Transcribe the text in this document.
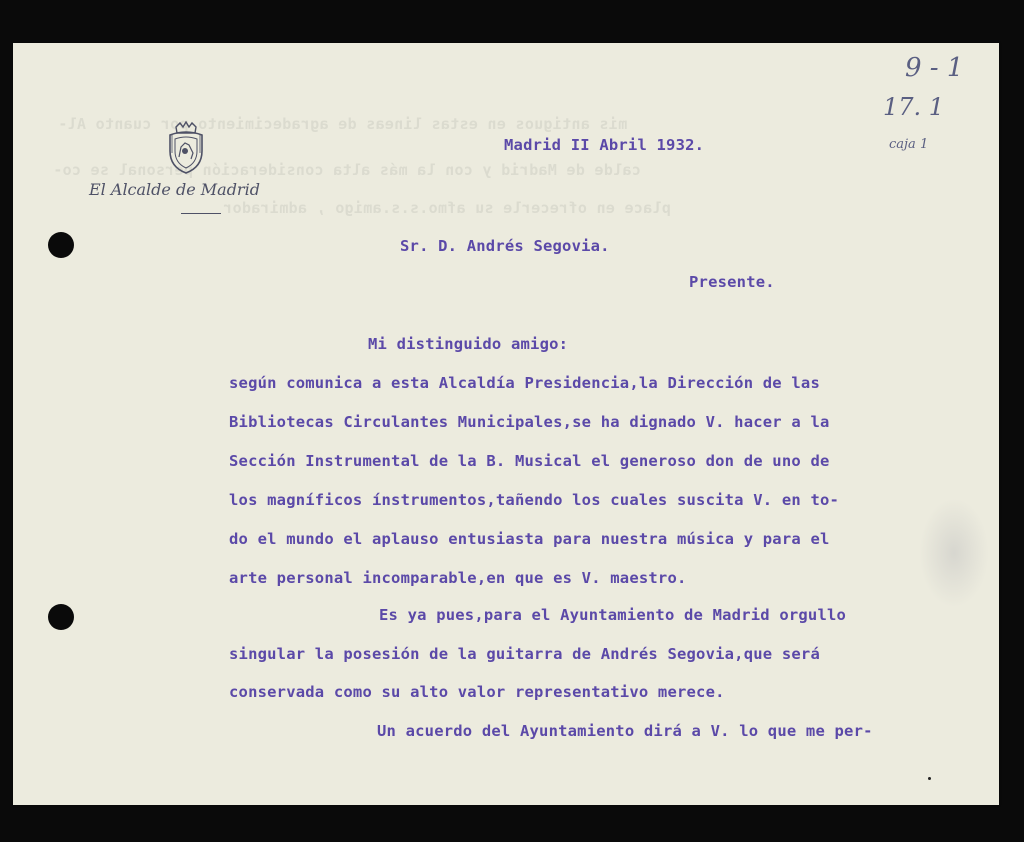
mis antiguos en estas lineas de agradecimiento por cuanto Al-
calde de Madrid y con la más alta consideración personal se co-
place en ofrecerle su afmo.s.s.amigo , admirador
El Alcalde de Madrid
9 - 1
17. 1
caja 1
Madrid II Abril 1932.
Sr. D. Andrés Segovia.
Presente.
Mi distinguido amigo:
según comunica a esta Alcaldía Presidencia,la Dirección de las
Bibliotecas Circulantes Municipales,se ha dignado V. hacer a la
Sección Instrumental de la B. Musical el generoso don de uno de
los magníficos ínstrumentos,tañendo los cuales suscita V. en to-
do el mundo el aplauso entusiasta para nuestra música y para el
arte personal incomparable,en que es V. maestro.
Es ya pues,para el Ayuntamiento de Madrid orgullo
singular la posesión de la guitarra de Andrés Segovia,que será
conservada como su alto valor representativo merece.
Un acuerdo del Ayuntamiento dirá a V. lo que me per-
